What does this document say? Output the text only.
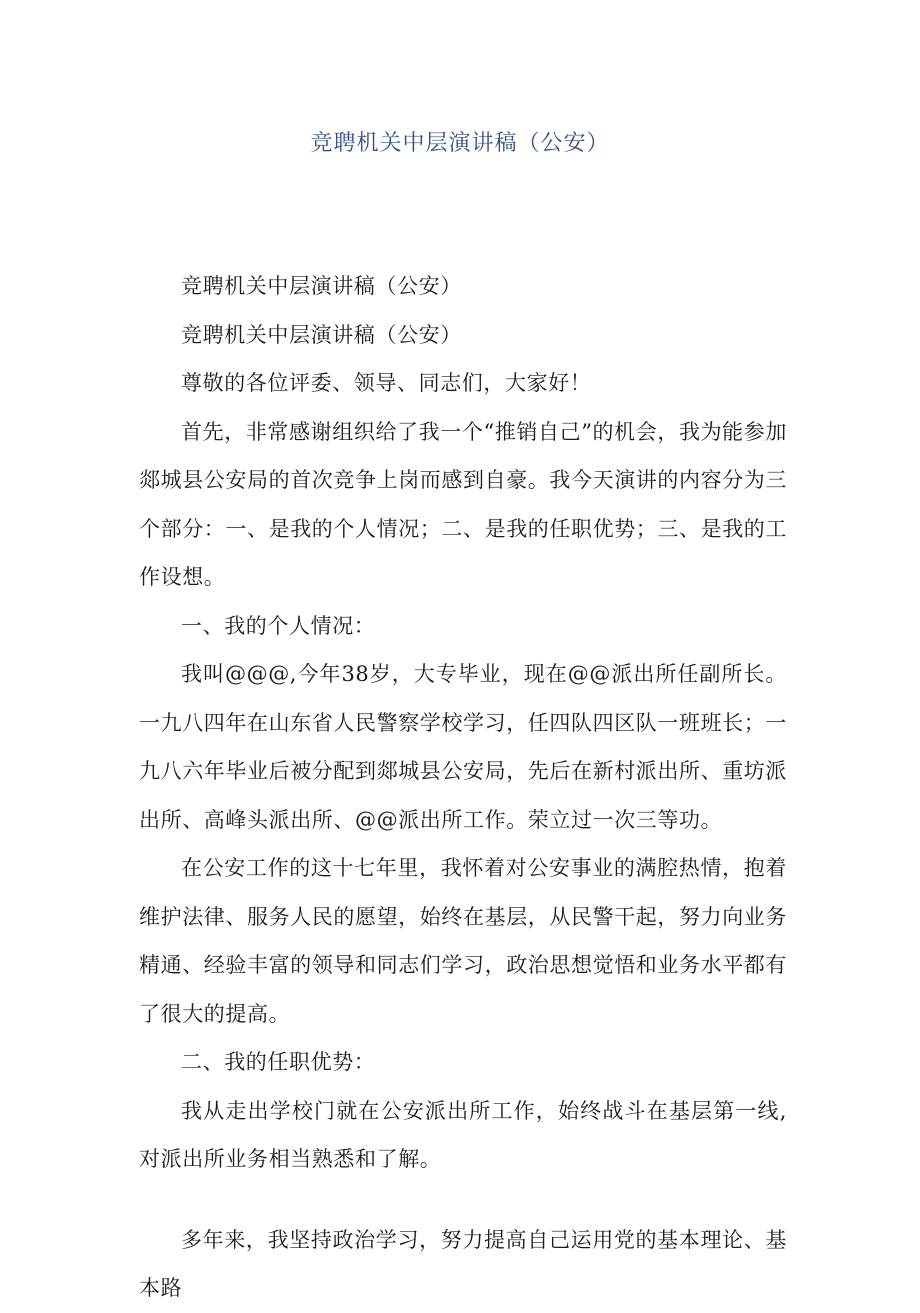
竞聘机关中层演讲稿（公安）

竞聘机关中层演讲稿（公安）

竞聘机关中层演讲稿（公安）

尊敬的各位评委、领导、同志们，大家好！

首先，非常感谢组织给了我一个“推销自己”的机会，我为能参加郯城县公安局的首次竞争上岗而感到自豪。我今天演讲的内容分为三个部分：一、是我的个人情况；二、是我的任职优势；三、是我的工作设想。

一、我的个人情况：

我叫@@@,今年38岁，大专毕业，现在@@派出所任副所长。一九八四年在山东省人民警察学校学习，任四队四区队一班班长；一九八六年毕业后被分配到郯城县公安局，先后在新村派出所、重坊派出所、高峰头派出所、@@派出所工作。荣立过一次三等功。

在公安工作的这十七年里，我怀着对公安事业的满腔热情，抱着维护法律、服务人民的愿望，始终在基层，从民警干起，努力向业务精通、经验丰富的领导和同志们学习，政治思想觉悟和业务水平都有了很大的提高。

二、我的任职优势：

我从走出学校门就在公安派出所工作，始终战斗在基层第一线,对派出所业务相当熟悉和了解。

多年来，我坚持政治学习，努力提高自己运用党的基本理论、基本路
